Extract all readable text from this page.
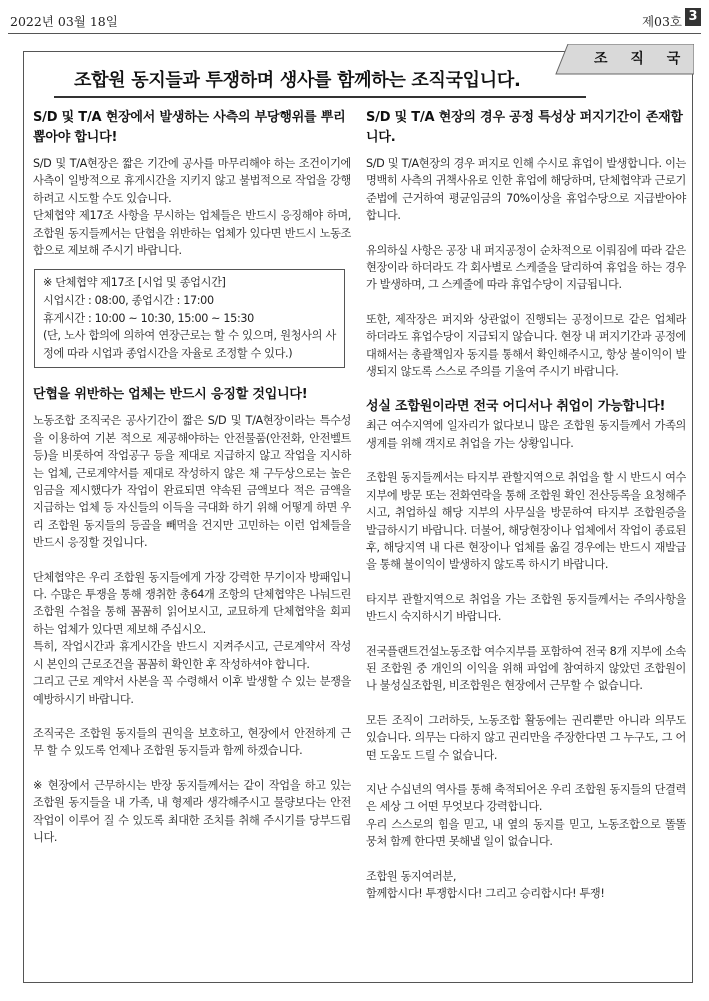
2022년 03월 18일	제03호 3
조합원 동지들과 투쟁하며 생사를 함께하는 조직국입니다.
조 직 국
S/D 및 T/A 현장에서 발생하는 사측의 부당행위를 뿌리뽑아야 합니다!
S/D 및 T/A현장은 짧은 기간에 공사를 마무리해야 하는 조건이기에 사측이 일방적으로 휴게시간을 지키지 않고 불법적으로 작업을 강행하려고 시도할 수도 있습니다.
단체협약 제17조 사항을 무시하는 업체들은 반드시 응징해야 하며, 조합원 동지들께서는 단협을 위반하는 업체가 있다면 반드시 노동조합으로 제보해 주시기 바랍니다.
※ 단체협약 제17조 [시업 및 종업시간]
시업시간 : 08:00, 종업시간 : 17:00
휴게시간 : 10:00 ~ 10:30, 15:00 ~ 15:30
(단, 노사 합의에 의하여 연장근로는 할 수 있으며, 원청사의 사정에 따라 시업과 종업시간을 자율로 조정할 수 있다.)
단협을 위반하는 업체는 반드시 응징할 것입니다!
노동조합 조직국은 공사기간이 짧은 S/D 및 T/A현장이라는 특수성을 이용하여 기본 적으로 제공해야하는 안전물품(안전화, 안전벨트 등)을 비롯하여 작업공구 등을 제대로 지급하지 않고 작업을 지시하는 업체, 근로계약서를 제대로 작성하지 않은 채 구두상으로는 높은 임금을 제시했다가 작업이 완료되면 약속된 금액보다 적은 금액을 지급하는 업체 등 자신들의 이득을 극대화 하기 위해 어떻게 하면 우리 조합원 동지들의 등골을 빼먹을 건지만 고민하는 이런 업체들을 반드시 응징할 것입니다.
단체협약은 우리 조합원 동지들에게 가장 강력한 무기이자 방패입니다. 수많은 투쟁을 통해 쟁취한 총64개 조항의 단체협약은 나눠드린 조합원 수첩을 통해 꼼꼼히 읽어보시고, 교묘하게 단체협약을 회피하는 업체가 있다면 제보해 주십시오.
특히, 작업시간과 휴게시간을 반드시 지켜주시고, 근로계약서 작성 시 본인의 근로조건을 꼼꼼히 확인한 후 작성하셔야 합니다.
그리고 근로 계약서 사본을 꼭 수령해서 이후 발생할 수 있는 분쟁을 예방하시기 바랍니다.
조직국은 조합원 동지들의 권익을 보호하고, 현장에서 안전하게 근무 할 수 있도록 언제나 조합원 동지들과 함께 하겠습니다.
※ 현장에서 근무하시는 반장 동지들께서는 같이 작업을 하고 있는 조합원 동지들을 내 가족, 내 형제라 생각해주시고 물량보다는 안전작업이 이루어 질 수 있도록 최대한 조치를 취해 주시기를 당부드립니다.
S/D 및 T/A 현장의 경우 공정 특성상 퍼지기간이 존재합니다.
S/D 및 T/A현장의 경우 퍼지로 인해 수시로 휴업이 발생합니다. 이는 명백히 사측의 귀책사유로 인한 휴업에 해당하며, 단체협약과 근로기준법에 근거하여 평균임금의 70%이상을 휴업수당으로 지급받아야 합니다.
유의하실 사항은 공장 내 퍼지공정이 순차적으로 이뤄짐에 따라 같은 현장이라 하더라도 각 회사별로 스케줄을 달리하여 휴업을 하는 경우가 발생하며, 그 스케줄에 따라 휴업수당이 지급됩니다.
또한, 제작장은 퍼지와 상관없이 진행되는 공정이므로 같은 업체라 하더라도 휴업수당이 지급되지 않습니다. 현장 내 퍼지기간과 공정에 대해서는 총괄책임자 동지를 통해서 확인해주시고, 항상 불이익이 발생되지 않도록 스스로 주의를 기울여 주시기 바랍니다.
성실 조합원이라면 전국 어디서나 취업이 가능합니다!
최근 여수지역에 일자리가 없다보니 많은 조합원 동지들께서 가족의 생계를 위해 객지로 취업을 가는 상황입니다.
조합원 동지들께서는 타지부 관할지역으로 취업을 할 시 반드시 여수지부에 방문 또는 전화연락을 통해 조합원 확인 전산등록을 요청해주시고, 취업하실 해당 지부의 사무실을 방문하여 타지부 조합원증을 발급하시기 바랍니다. 더불어, 해당현장이나 업체에서 작업이 종료된 후, 해당지역 내 다른 현장이나 업체를 옮길 경우에는 반드시 재발급을 통해 불이익이 발생하지 않도록 하시기 바랍니다.
타지부 관할지역으로 취업을 가는 조합원 동지들께서는 주의사항을 반드시 숙지하시기 바랍니다.
전국플랜트건설노동조합 여수지부를 포함하여 전국 8개 지부에 소속된 조합원 중 개인의 이익을 위해 파업에 참여하지 않았던 조합원이나 불성실조합원, 비조합원은 현장에서 근무할 수 없습니다.
모든 조직이 그러하듯, 노동조합 활동에는 권리뿐만 아니라 의무도 있습니다. 의무는 다하지 않고 권리만을 주장한다면 그 누구도, 그 어떤 도움도 드릴 수 없습니다.
지난 수십년의 역사를 통해 축적되어온 우리 조합원 동지들의 단결력은 세상 그 어떤 무엇보다 강력합니다.
우리 스스로의 힘을 믿고, 내 옆의 동지를 믿고, 노동조합으로 똘똘 뭉쳐 함께 한다면 못해낼 일이 없습니다.
조합원 동지여러분,
함께합시다! 투쟁합시다! 그리고 승리합시다! 투쟁!
